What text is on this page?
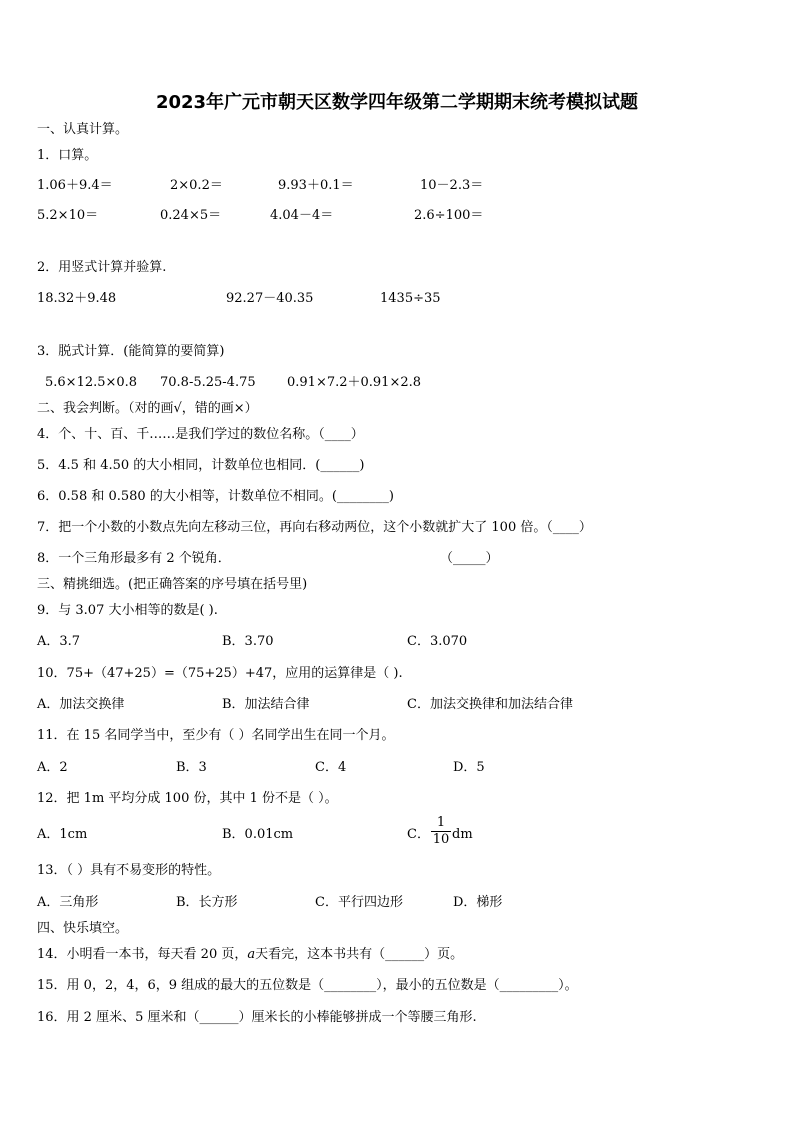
2023年广元市朝天区数学四年级第二学期期末统考模拟试题
一、认真计算。
1．口算。
1.06＋9.4＝	2×0.2＝	9.93＋0.1＝	10－2.3＝
5.2×10＝	0.24×5＝	4.04－4＝	2.6÷100＝
2．用竖式计算并验算.
18.32＋9.48	92.27－40.35	1435÷35
3．脱式计算．(能简算的要简算)
5.6×12.5×0.8 70.8-5.25-4.75 0.91×7.2＋0.91×2.8
二、我会判断。（对的画√，错的画×）
4．个、十、百、千……是我们学过的数位名称。（____）
5．4.5 和 4.50 的大小相同，计数单位也相同．(______)
6．0.58 和 0.580 的大小相等，计数单位不相同。(________)
7．把一个小数的小数点先向左移动三位，再向右移动两位，这个小数就扩大了 100 倍。（____）
8．一个三角形最多有 2 个锐角．	（_____）
三、精挑细选。(把正确答案的序号填在括号里)
9．与 3.07 大小相等的数是( ).
A．3.7	B．3.70	C．3.070
10．75+（47+25）=（75+25）+47，应用的运算律是（ ).
A．加法交换律	B．加法结合律	C．加法交换律和加法结合律
11．在 15 名同学当中，至少有（ ）名同学出生在同一个月。
A．2	B．3	C．4	D．5
12．把 1m 平均分成 100 份，其中 1 份不是（ ）。
A．1cm	B．0.01cm	C．
1
10 dm
13．（ ）具有不易变形的特性。
A．三角形	B．长方形	C．平行四边形	D．梯形
四、快乐填空。
14．小明看一本书，每天看 20 页，a天看完，这本书共有（______）页。
15．用 0，2，4，6，9 组成的最大的五位数是（________），最小的五位数是（_________）。
16．用 2 厘米、5 厘米和（______）厘米长的小棒能够拼成一个等腰三角形.
